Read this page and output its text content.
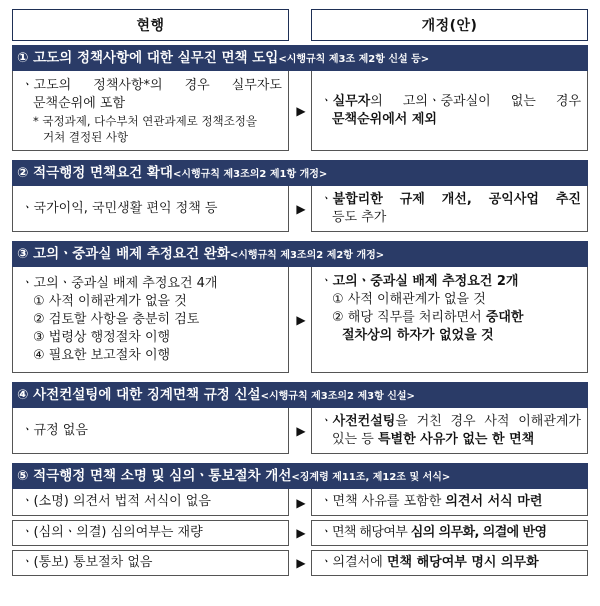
현행	개정(안)
① 고도의 정책사항에 대한 실무진 면책 도입<시행규칙 제3조 제2항 신설 등>
ㆍ고도의 정책사항*의 경우 실무자도
문책순위에 포함
* 국정과제, 다수부처 연관과제로 정책조정을
거쳐 결정된 사항
▶
ㆍ실무자의 고의ㆍ중과실이 없는 경우
문책순위에서 제외
② 적극행정 면책요건 확대<시행규칙 제3조의2 제1항 개정>
ㆍ국가이익, 국민생활 편익 정책 등	▶
ㆍ불합리한 규제 개선, 공익사업 추진
등도 추가
③ 고의ㆍ중과실 배제 추정요건 완화<시행규칙 제3조의2 제2항 개정>
ㆍ고의ㆍ중과실 배제 추정요건 4개
① 사적 이해관계가 없을 것
② 검토할 사항을 충분히 검토
③ 법령상 행정절차 이행
④ 필요한 보고절차 이행
▶
ㆍ고의ㆍ중과실 배제 추정요건 2개
① 사적 이해관계가 없을 것
② 해당 직무를 처리하면서 중대한
절차상의 하자가 없었을 것
④ 사전컨설팅에 대한 징계면책 규정 신설<시행규칙 제3조의2 제3항 신설>
ㆍ규정 없음	▶
ㆍ사전컨설팅을 거친 경우 사적 이해관계가
있는 등 특별한 사유가 없는 한 면책
⑤ 적극행정 면책 소명 및 심의ㆍ통보절차 개선<징계령 제11조, 제12조 및 서식>
ㆍ(소명) 의견서 법적 서식이 없음	▶ ㆍ면책 사유를 포함한 의견서 서식 마련
ㆍ(심의ㆍ의결) 심의여부는 재량	▶ ㆍ면책 해당여부 심의 의무화, 의결에 반영
ㆍ(통보) 통보절차 없음	▶ ㆍ의결서에 면책 해당여부 명시 의무화
